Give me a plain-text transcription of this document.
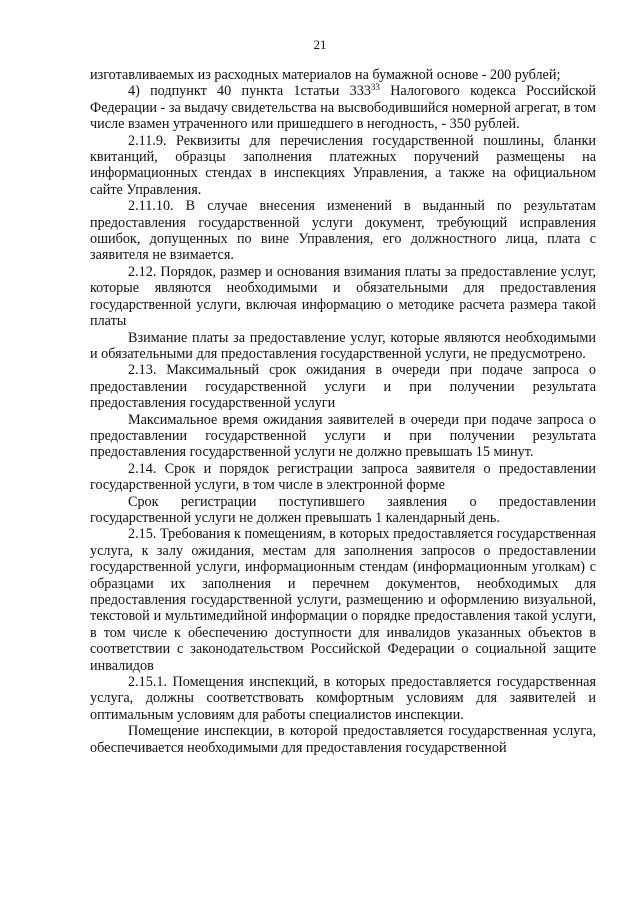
21

изготавливаемых из расходных материалов на бумажной основе - 200 рублей;

4) подпункт 40 пункта 1статьи $333^{33}$ Налогового кодекса Российской Федерации - за выдачу свидетельства на высвободившийся номерной агрегат, в том числе взамен утраченного или пришедшего в негодность, - 350 рублей.

2.11.9. Реквизиты для перечисления государственной пошлины, бланки квитанций, образцы заполнения платежных поручений размещены на информационных стендах в инспекциях Управления, а также на официальном сайте Управления.

2.11.10. В случае внесения изменений в выданный по результатам предоставления государственной услуги документ, требующий исправления ошибок, допущенных по вине Управления, его должностного лица, плата с заявителя не взимается.

2.12. Порядок, размер и основания взимания платы за предоставление услуг, которые являются необходимыми и обязательными для предоставления государственной услуги, включая информацию о методике расчета размера такой платы

Взимание платы за предоставление услуг, которые являются необходимыми и обязательными для предоставления государственной услуги, не предусмотрено.

2.13. Максимальный срок ожидания в очереди при подаче запроса о предоставлении государственной услуги и при получении результата предоставления государственной услуги

Максимальное время ожидания заявителей в очереди при подаче запроса о предоставлении государственной услуги и при получении результата предоставления государственной услуги не должно превышать 15 минут.

2.14. Срок и порядок регистрации запроса заявителя о предоставлении государственной услуги, в том числе в электронной форме

Срок регистрации поступившего заявления о предоставлении государственной услуги не должен превышать 1 календарный день.

2.15. Требования к помещениям, в которых предоставляется государственная услуга, к залу ожидания, местам для заполнения запросов о предоставлении государственной услуги, информационным стендам (информационным уголкам) с образцами их заполнения и перечнем документов, необходимых для предоставления государственной услуги, размещению и оформлению визуальной, текстовой и мультимедийной информации о порядке предоставления такой услуги, в том числе к обеспечению доступности для инвалидов указанных объектов в соответствии с законодательством Российской Федерации о социальной защите инвалидов

2.15.1. Помещения инспекций, в которых предоставляется государственная услуга, должны соответствовать комфортным условиям для заявителей и оптимальным условиям для работы специалистов инспекции.

Помещение инспекции, в которой предоставляется государственная услуга, обеспечивается необходимыми для предоставления государственной
